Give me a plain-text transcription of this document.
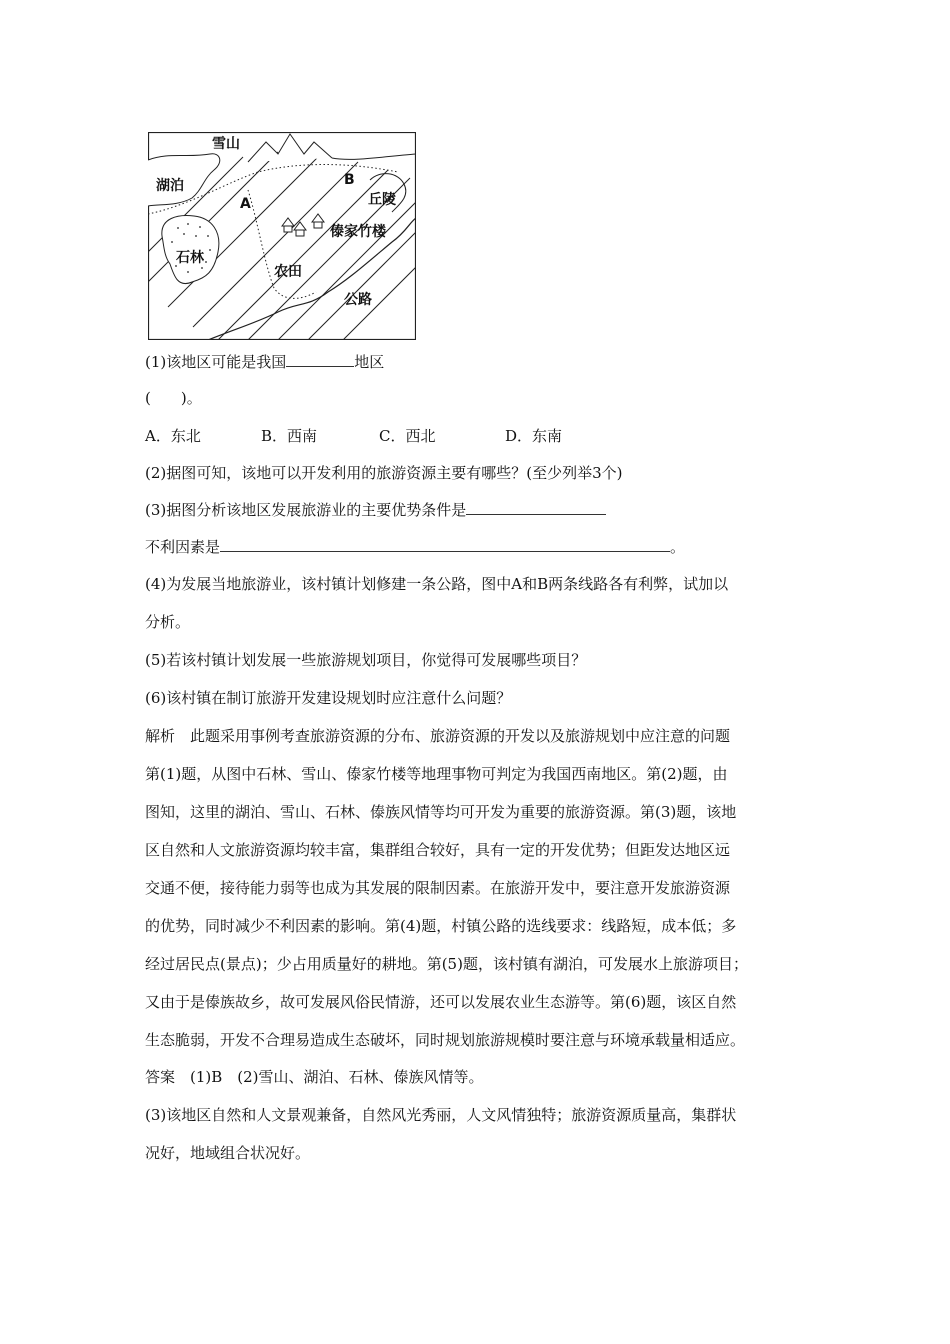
雪山
湖泊	B
A	丘陵
傣家竹楼
石林
农田
公路
(1)该地区可能是我国	地区
(　　)。
A．东北	B．西南	C．西北	D．东南
(2)据图可知，该地可以开发利用的旅游资源主要有哪些？(至少列举3个)
(3)据图分析该地区发展旅游业的主要优势条件是
不利因素是	。
(4)为发展当地旅游业，该村镇计划修建一条公路，图中A和B两条线路各有利弊，试加以
分析。
(5)若该村镇计划发展一些旅游规划项目，你觉得可发展哪些项目？
(6)该村镇在制订旅游开发建设规划时应注意什么问题？
解析　此题采用事例考查旅游资源的分布、旅游资源的开发以及旅游规划中应注意的问题
第(1)题，从图中石林、雪山、傣家竹楼等地理事物可判定为我国西南地区。第(2)题，由
图知，这里的湖泊、雪山、石林、傣族风情等均可开发为重要的旅游资源。第(3)题，该地
区自然和人文旅游资源均较丰富，集群组合较好，具有一定的开发优势；但距发达地区远
交通不便，接待能力弱等也成为其发展的限制因素。在旅游开发中，要注意开发旅游资源
的优势，同时减少不利因素的影响。第(4)题，村镇公路的选线要求：线路短，成本低；多
经过居民点(景点)；少占用质量好的耕地。第(5)题，该村镇有湖泊，可发展水上旅游项目；
又由于是傣族故乡，故可发展风俗民情游，还可以发展农业生态游等。第(6)题，该区自然
生态脆弱，开发不合理易造成生态破坏，同时规划旅游规模时要注意与环境承载量相适应。
答案　(1)B　(2)雪山、湖泊、石林、傣族风情等。
(3)该地区自然和人文景观兼备，自然风光秀丽，人文风情独特；旅游资源质量高，集群状
况好，地域组合状况好。
